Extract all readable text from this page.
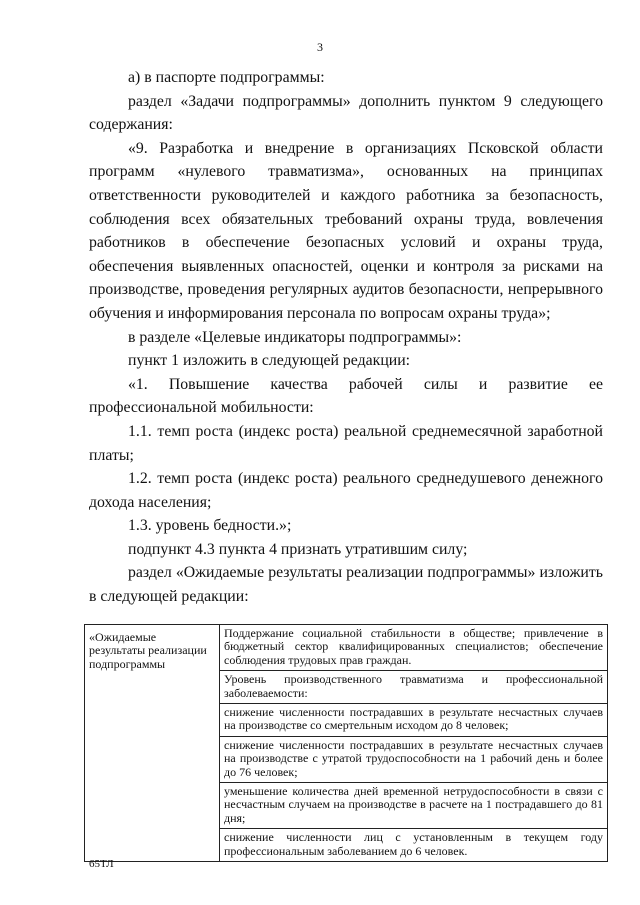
3

а) в паспорте подпрограммы:

раздел «Задачи подпрограммы» дополнить пунктом 9 следующего содержания:

«9. Разработка и внедрение в организациях Псковской области программ «нулевого травматизма», основанных на принципах ответственности руководителей и каждого работника за безопасность, соблюдения всех обязательных требований охраны труда, вовлечения работников в обеспечение безопасных условий и охраны труда, обеспечения выявленных опасностей, оценки и контроля за рисками на производстве, проведения регулярных аудитов безопасности, непрерывного обучения и информирования персонала по вопросам охраны труда»;

в разделе «Целевые индикаторы подпрограммы»:

пункт 1 изложить в следующей редакции:

«1. Повышение качества рабочей силы и развитие ее профессиональной мобильности:

1.1. темп роста (индекс роста) реальной среднемесячной заработной платы;

1.2. темп роста (индекс роста) реального среднедушевого денежного дохода населения;

1.3. уровень бедности.»;

подпункт 4.3 пункта 4 признать утратившим силу;

раздел «Ожидаемые результаты реализации подпрограммы» изложить в следующей редакции:

«Ожидаемые результаты реализации подпрограммы	
Поддержание социальной стабильности в обществе; привлечение в бюджетный сектор квалифицированных специалистов; обеспечение соблюдения трудовых прав граждан.
Уровень производственного травматизма и профессиональной заболеваемости:
снижение численности пострадавших в результате несчастных случаев на производстве со смертельным исходом до 8 человек;
снижение численности пострадавших в результате несчастных случаев на производстве с утратой трудоспособности на 1 рабочий день и более до 76 человек;
уменьшение количества дней временной нетрудоспособности в связи с несчастным случаем на производстве в расчете на 1 пострадавшего до 81 дня;
снижение численности лиц с установленным в текущем году профессиональным заболеванием до 6 человек.
65ТЛ
